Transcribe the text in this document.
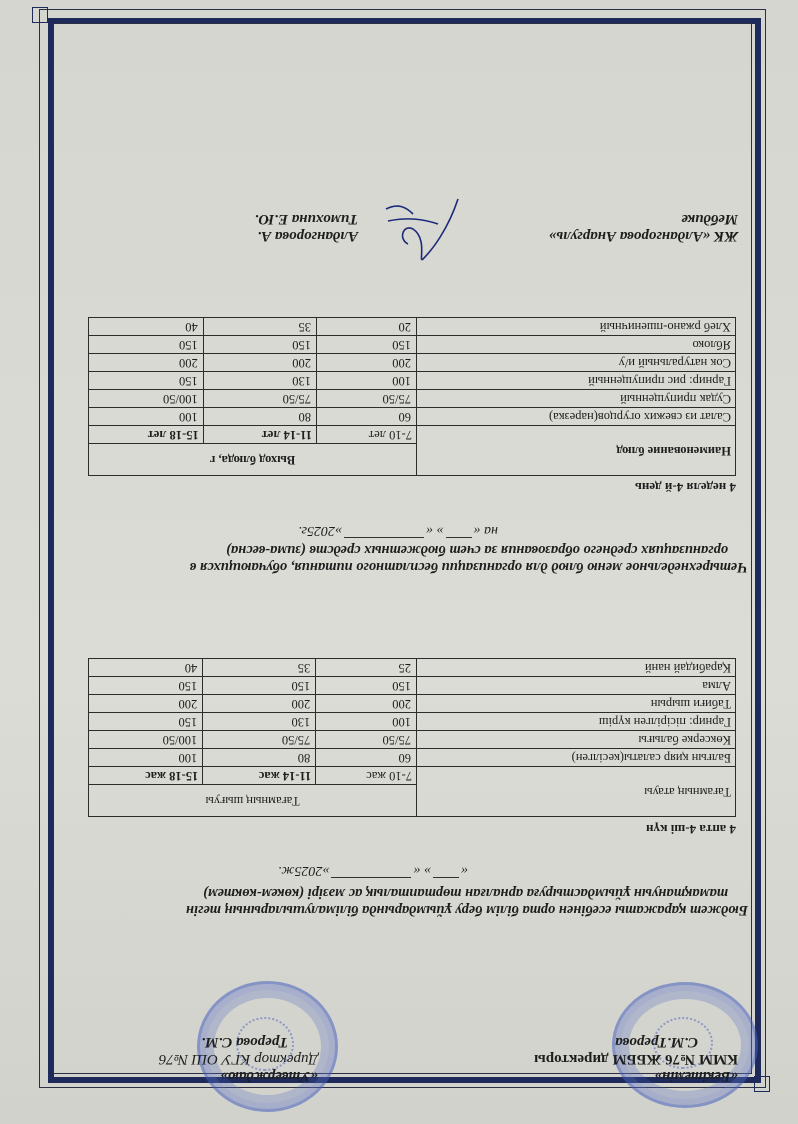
«Бекітемін»
КММ №76 ЖББМ директоры
С.М.Трерова
«Утверждаю»
Директор КГУ ОШ №76
Трерова С.М.
Бюджет қаражаты есебінен орта білім беру ұйымдарында білімалушыларының тегін
тамақтануын ұйымдастыруға арналған төртапталық ас мәзірі (көкем-көктем)
«» «»2025ж.
4 апта 4-ші күн
Тағамның атауы	Тағамның шығуы		
	7-10 жас	11-14 жас	15-18 жас
Балғын қияр салаты(кесілген)	60	80	100
Көксерке балығы	75/50	75/50	100/50
Гарнир: пісірілген күріш	100	130	150
Табиғи шырын	200	200	200
Алма	150	150	150
Қарабидай нанй	25	35	40
Четырехнедельное меню блюд для организации бесплатного питания, обучающихся в
организациях среднего образования за счет бюджетных средств (зима-весна)
на «» «»2025г.
4 неделя 4-й день
Наименование блюд	Выход блюда, г		
	7-10 лет	11-14 лет	15-18 лет
Салат из свежих огурцов(нарезка)	60	80	100
Судак припущенный	75/50	75/50	100/50
Гарнир: рис припущенный	100	130	150
Сок натуральный и/у	200	200	200
Яблоко	150	150	150
Хлеб ржано-пшеничный	20	35	40
ЖК «Алдангорова Анаргуль»
Мебдике
Алдангорова А.
Тимохина Е.Ю.
